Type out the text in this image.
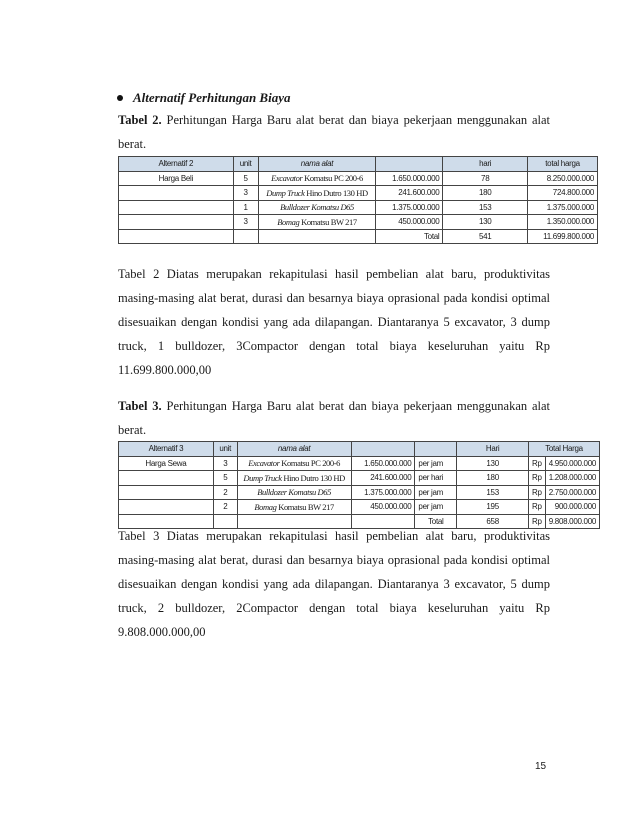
Alternatif Perhitungan Biaya
Tabel 2. Perhitungan Harga Baru alat berat dan biaya pekerjaan menggunakan alat
berat.
Alternatif 2	unit	nama alat		hari	total harga
Harga Beli	5	Excavator Komatsu PC 200-6	1.650.000.000	78	8.250.000.000
	3	Dump Truck Hino Dutro 130 HD	241.600.000	180	724.800.000
	1	Bulldozer Komatsu D65	1.375.000.000	153	1.375.000.000
	3	Bomag Komatsu BW 217	450.000.000	130	1.350.000.000
			Total	541	11.699.800.000
Tabel 2 Diatas merupakan rekapitulasi hasil pembelian alat baru, produktivitas
masing-masing alat berat, durasi dan besarnya biaya oprasional pada kondisi optimal
disesuaikan dengan kondisi yang ada dilapangan. Diantaranya 5 excavator, 3 dump
truck, 1 bulldozer, 3Compactor dengan total biaya keseluruhan yaitu Rp
11.699.800.000,00
Tabel 3. Perhitungan Harga Baru alat berat dan biaya pekerjaan menggunakan alat
berat.
Alternatif 3	unit	nama alat			Hari	Total Harga	
Harga Sewa	3	Excavator Komatsu PC 200-6	1.650.000.000	per jam	130	Rp	4.950.000.000
	5	Dump Truck Hino Dutro 130 HD	241.600.000	per hari	180	Rp	1.208.000.000
	2	Bulldozer Komatsu D65	1.375.000.000	per jam	153	Rp	2.750.000.000
	2	Bomag Komatsu BW 217	450.000.000	per jam	195	Rp	900.000.000
				Total	658	Rp	9.808.000.000
Tabel 3 Diatas merupakan rekapitulasi hasil pembelian alat baru, produktivitas
masing-masing alat berat, durasi dan besarnya biaya oprasional pada kondisi optimal
disesuaikan dengan kondisi yang ada dilapangan. Diantaranya 3 excavator, 5 dump
truck, 2 bulldozer, 2Compactor dengan total biaya keseluruhan yaitu Rp
9.808.000.000,00
15
